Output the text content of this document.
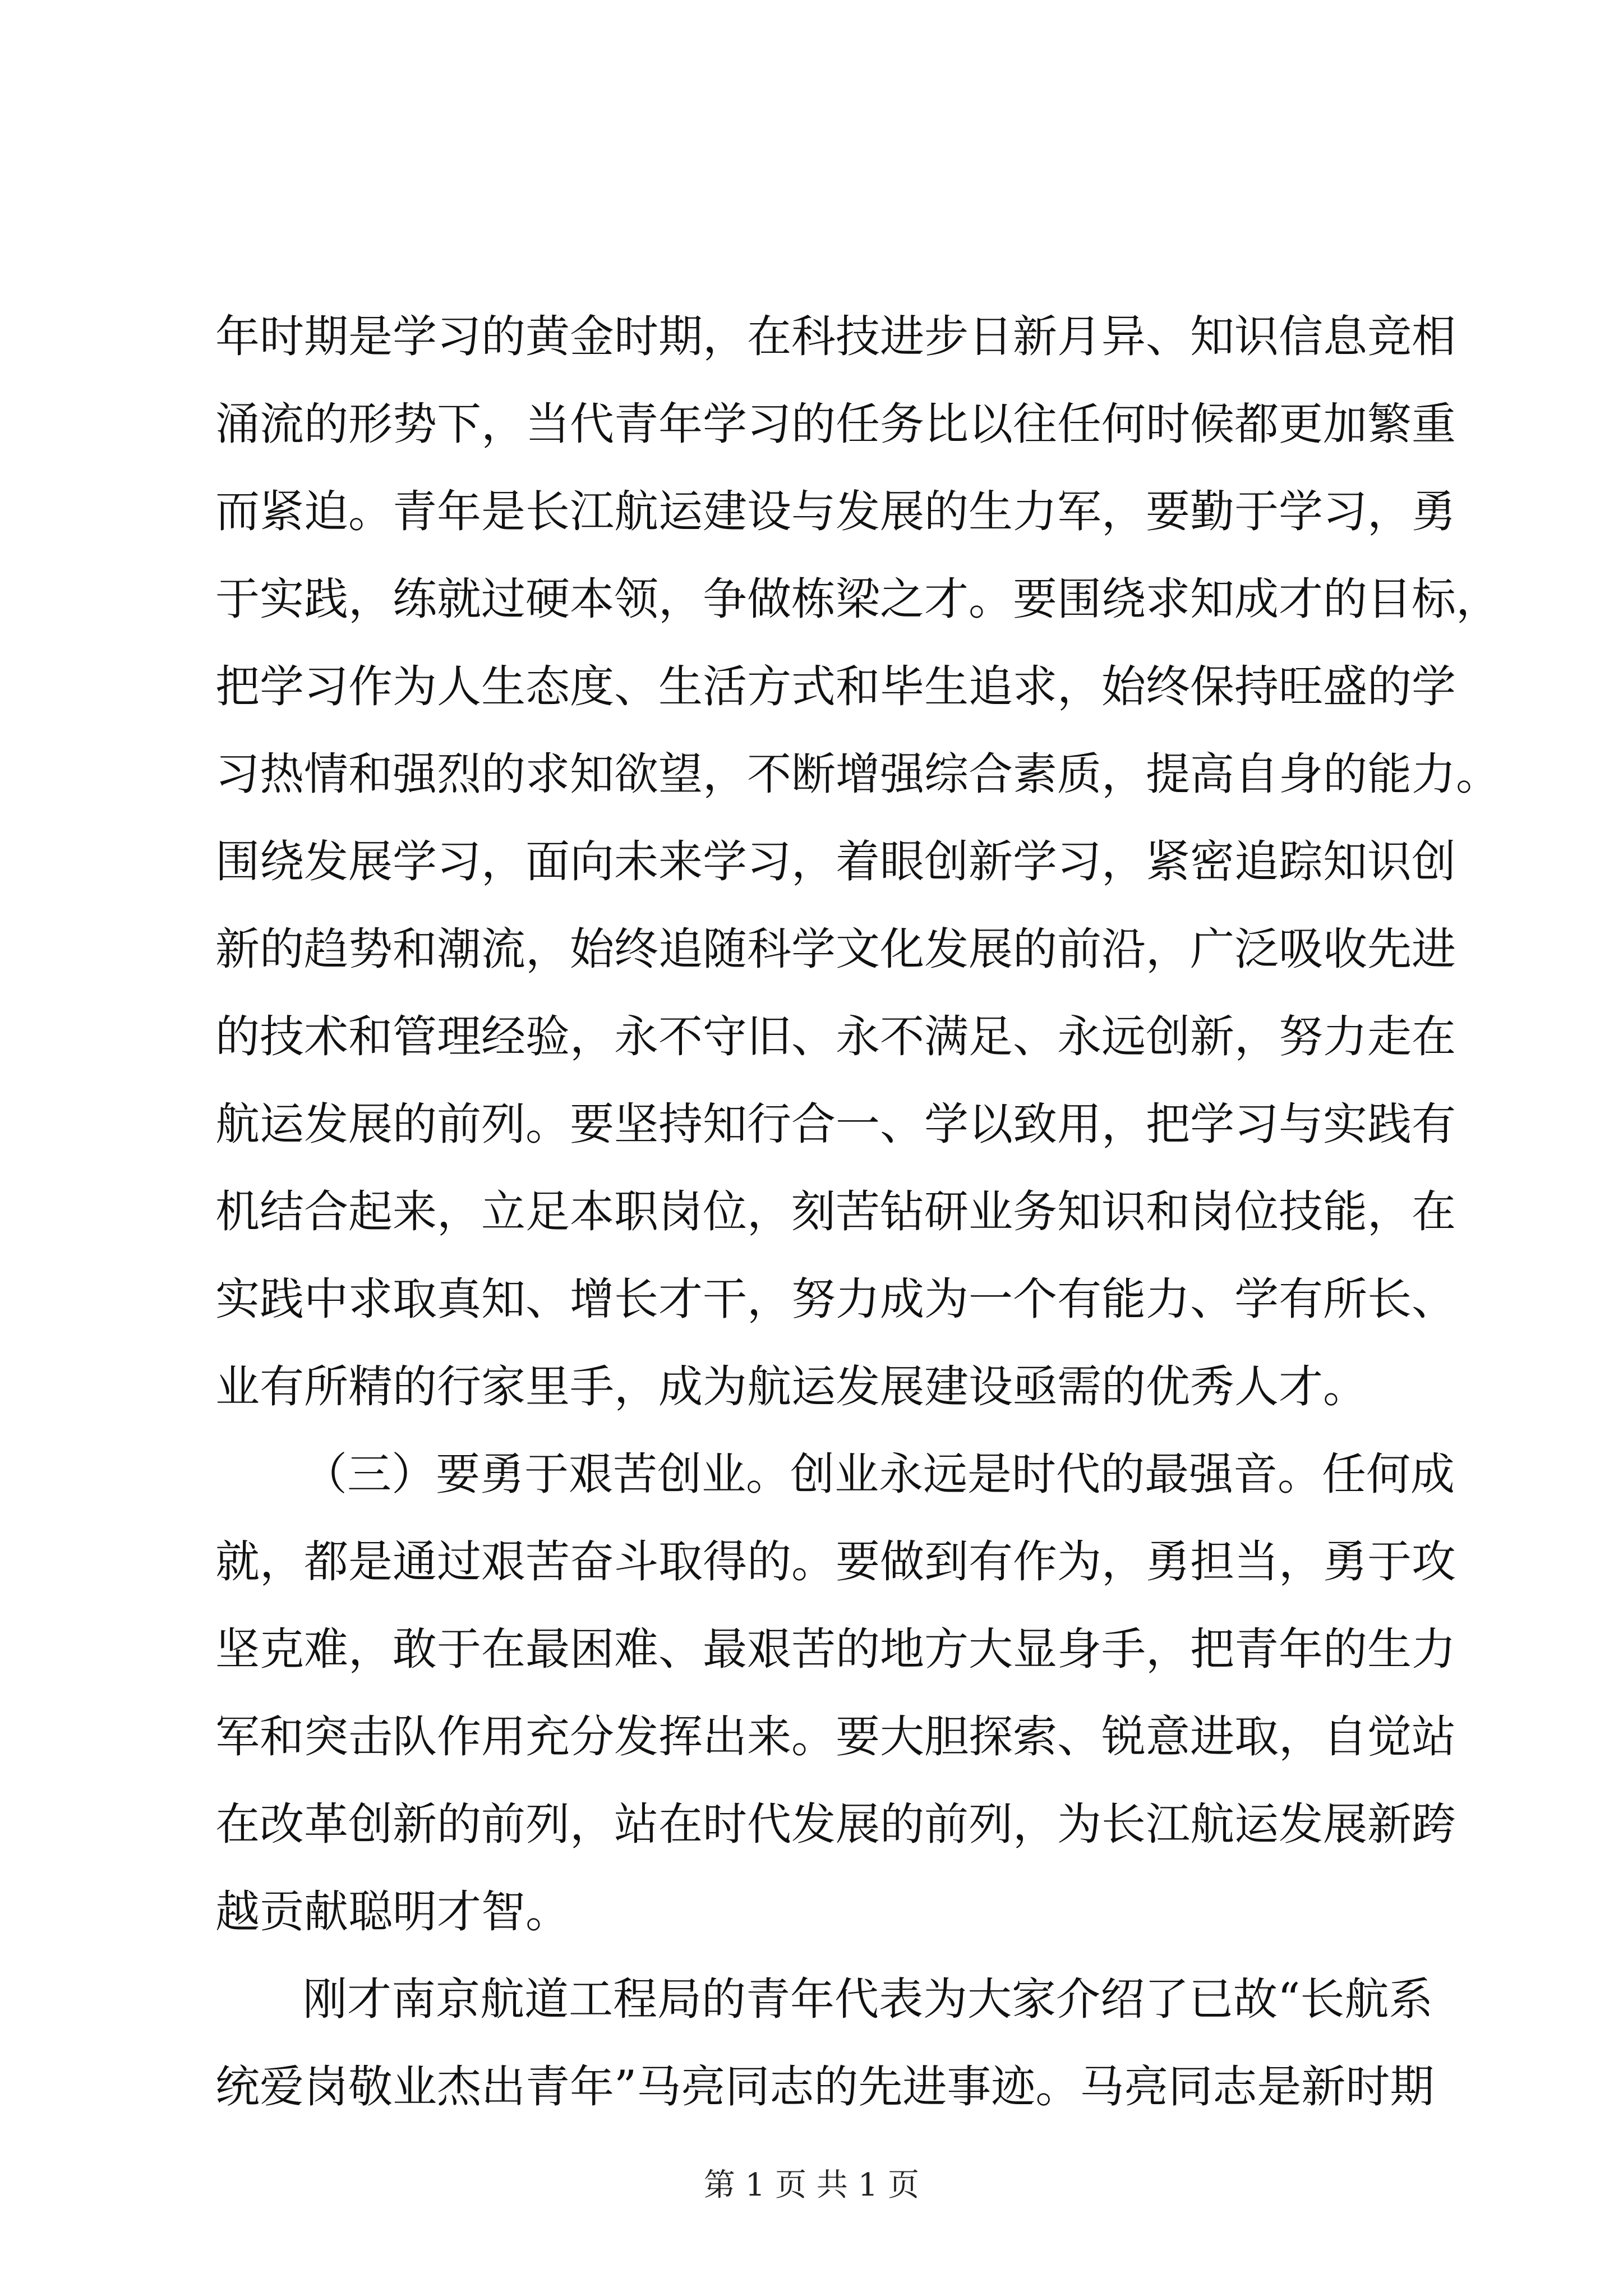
年时期是学习的黄金时期，在科技进步日新月异、知识信息竞相
涌流的形势下，当代青年学习的任务比以往任何时候都更加繁重
而紧迫。青年是长江航运建设与发展的生力军，要勤于学习，勇
于实践，练就过硬本领，争做栋梁之才。要围绕求知成才的目标，
把学习作为人生态度、生活方式和毕生追求，始终保持旺盛的学
习热情和强烈的求知欲望，不断增强综合素质，提高自身的能力。
围绕发展学习，面向未来学习，着眼创新学习，紧密追踪知识创
新的趋势和潮流，始终追随科学文化发展的前沿，广泛吸收先进
的技术和管理经验，永不守旧、永不满足、永远创新，努力走在
航运发展的前列。要坚持知行合一、学以致用，把学习与实践有
机结合起来，立足本职岗位，刻苦钻研业务知识和岗位技能，在
实践中求取真知、增长才干，努力成为一个有能力、学有所长、
业有所精的行家里手，成为航运发展建设亟需的优秀人才。
（三）要勇于艰苦创业。创业永远是时代的最强音。任何成
就，都是通过艰苦奋斗取得的。要做到有作为，勇担当，勇于攻
坚克难，敢于在最困难、最艰苦的地方大显身手，把青年的生力
军和突击队作用充分发挥出来。要大胆探索、锐意进取，自觉站
在改革创新的前列，站在时代发展的前列，为长江航运发展新跨
越贡献聪明才智。
刚才南京航道工程局的青年代表为大家介绍了已故“长航系
统爱岗敬业杰出青年”马亮同志的先进事迹。马亮同志是新时期
第 1 页 共 1 页
